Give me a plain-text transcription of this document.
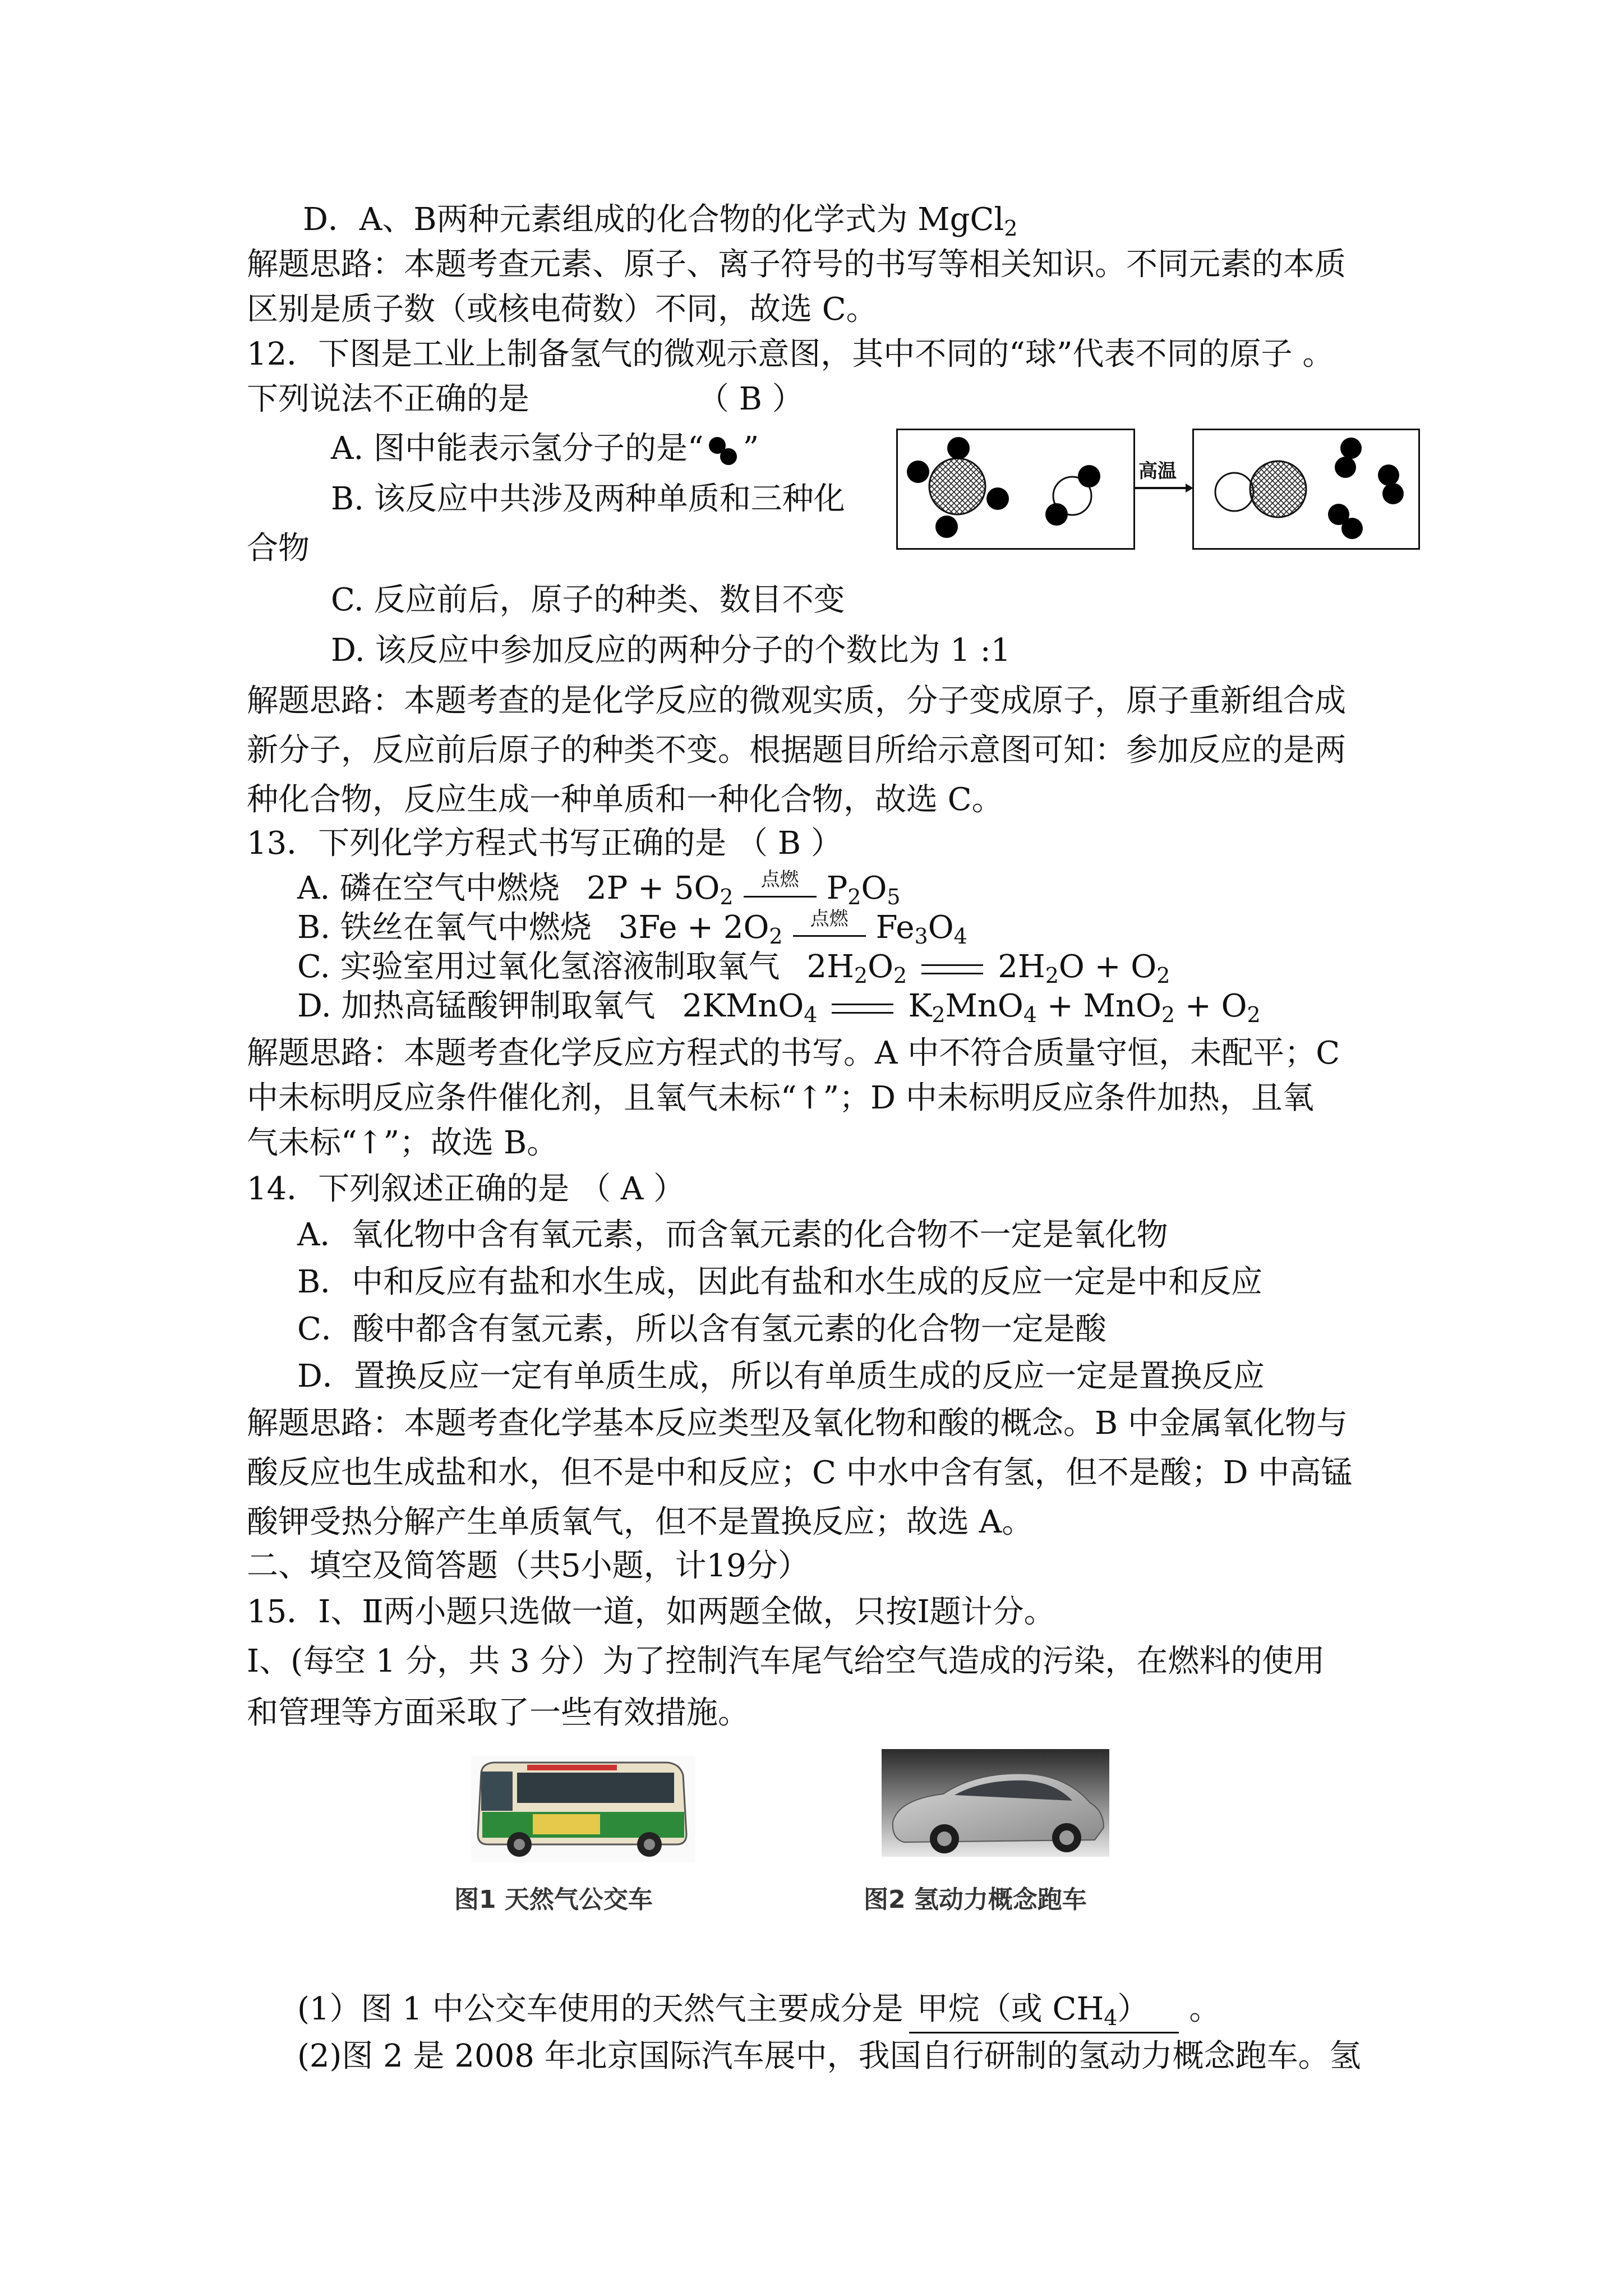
D．A、B两种元素组成的化合物的化学式为 MgCl$_2$
解题思路：本题考查元素、原子、离子符号的书写等相关知识。不同元素的本质
区别是质子数（或核电荷数）不同，故选 C。
12．下图是工业上制备氢气的微观示意图，其中不同的“球”代表不同的原子 。
下列说法不正确的是	（ B ）
A. 图中能表示氢分子的是“ ”
B. 该反应中共涉及两种单质和三种化
合物
C. 反应前后，原子的种类、数目不变
D. 该反应中参加反应的两种分子的个数比为 1 :1
高温
解题思路：本题考查的是化学反应的微观实质，分子变成原子，原子重新组合成
新分子，反应前后原子的种类不变。根据题目所给示意图可知：参加反应的是两
种化合物，反应生成一种单质和一种化合物，故选 C。
13．下列化学方程式书写正确的是 （ B ）
A. 磷在空气中燃烧 $2P + 5O_2$
点燃 $P_2O_5$
B. 铁丝在氧气中燃烧 $3Fe + 2O_2$
点燃 $Fe_3O_4$
C. 实验室用过氧化氢溶液制取氧气 $2H_2O_2$	$2H_2O + O_2$
D. 加热高锰酸钾制取氧气 2KMnO$_4$	$K_2MnO_4 + MnO_2 + O_2$
解题思路：本题考查化学反应方程式的书写。A 中不符合质量守恒，未配平；C
中未标明反应条件催化剂，且氧气未标“↑”；D 中未标明反应条件加热，且氧
气未标“↑”；故选 B。
14．下列叙述正确的是 （ A ）
A．氧化物中含有氧元素，而含氧元素的化合物不一定是氧化物
B．中和反应有盐和水生成，因此有盐和水生成的反应一定是中和反应
C．酸中都含有氢元素，所以含有氢元素的化合物一定是酸
D．置换反应一定有单质生成，所以有单质生成的反应一定是置换反应
解题思路：本题考查化学基本反应类型及氧化物和酸的概念。B 中金属氧化物与
酸反应也生成盐和水，但不是中和反应；C 中水中含有氢，但不是酸；D 中高锰
酸钾受热分解产生单质氧气，但不是置换反应；故选 A。
二、填空及简答题（共5小题，计19分）
15．Ⅰ、Ⅱ两小题只选做一道，如两题全做，只按Ⅰ题计分。
Ⅰ、(每空 1 分，共 3 分）为了控制汽车尾气给空气造成的污染，在燃料的使用
和管理等方面采取了一些有效措施。
图1 天然气公交车	图2 氢动力概念跑车
(1）图 1 中公交车使用的天然气主要成分是 甲烷（或 $CH_4$） 。
(2)图 2 是 2008 年北京国际汽车展中，我国自行研制的氢动力概念跑车。氢
